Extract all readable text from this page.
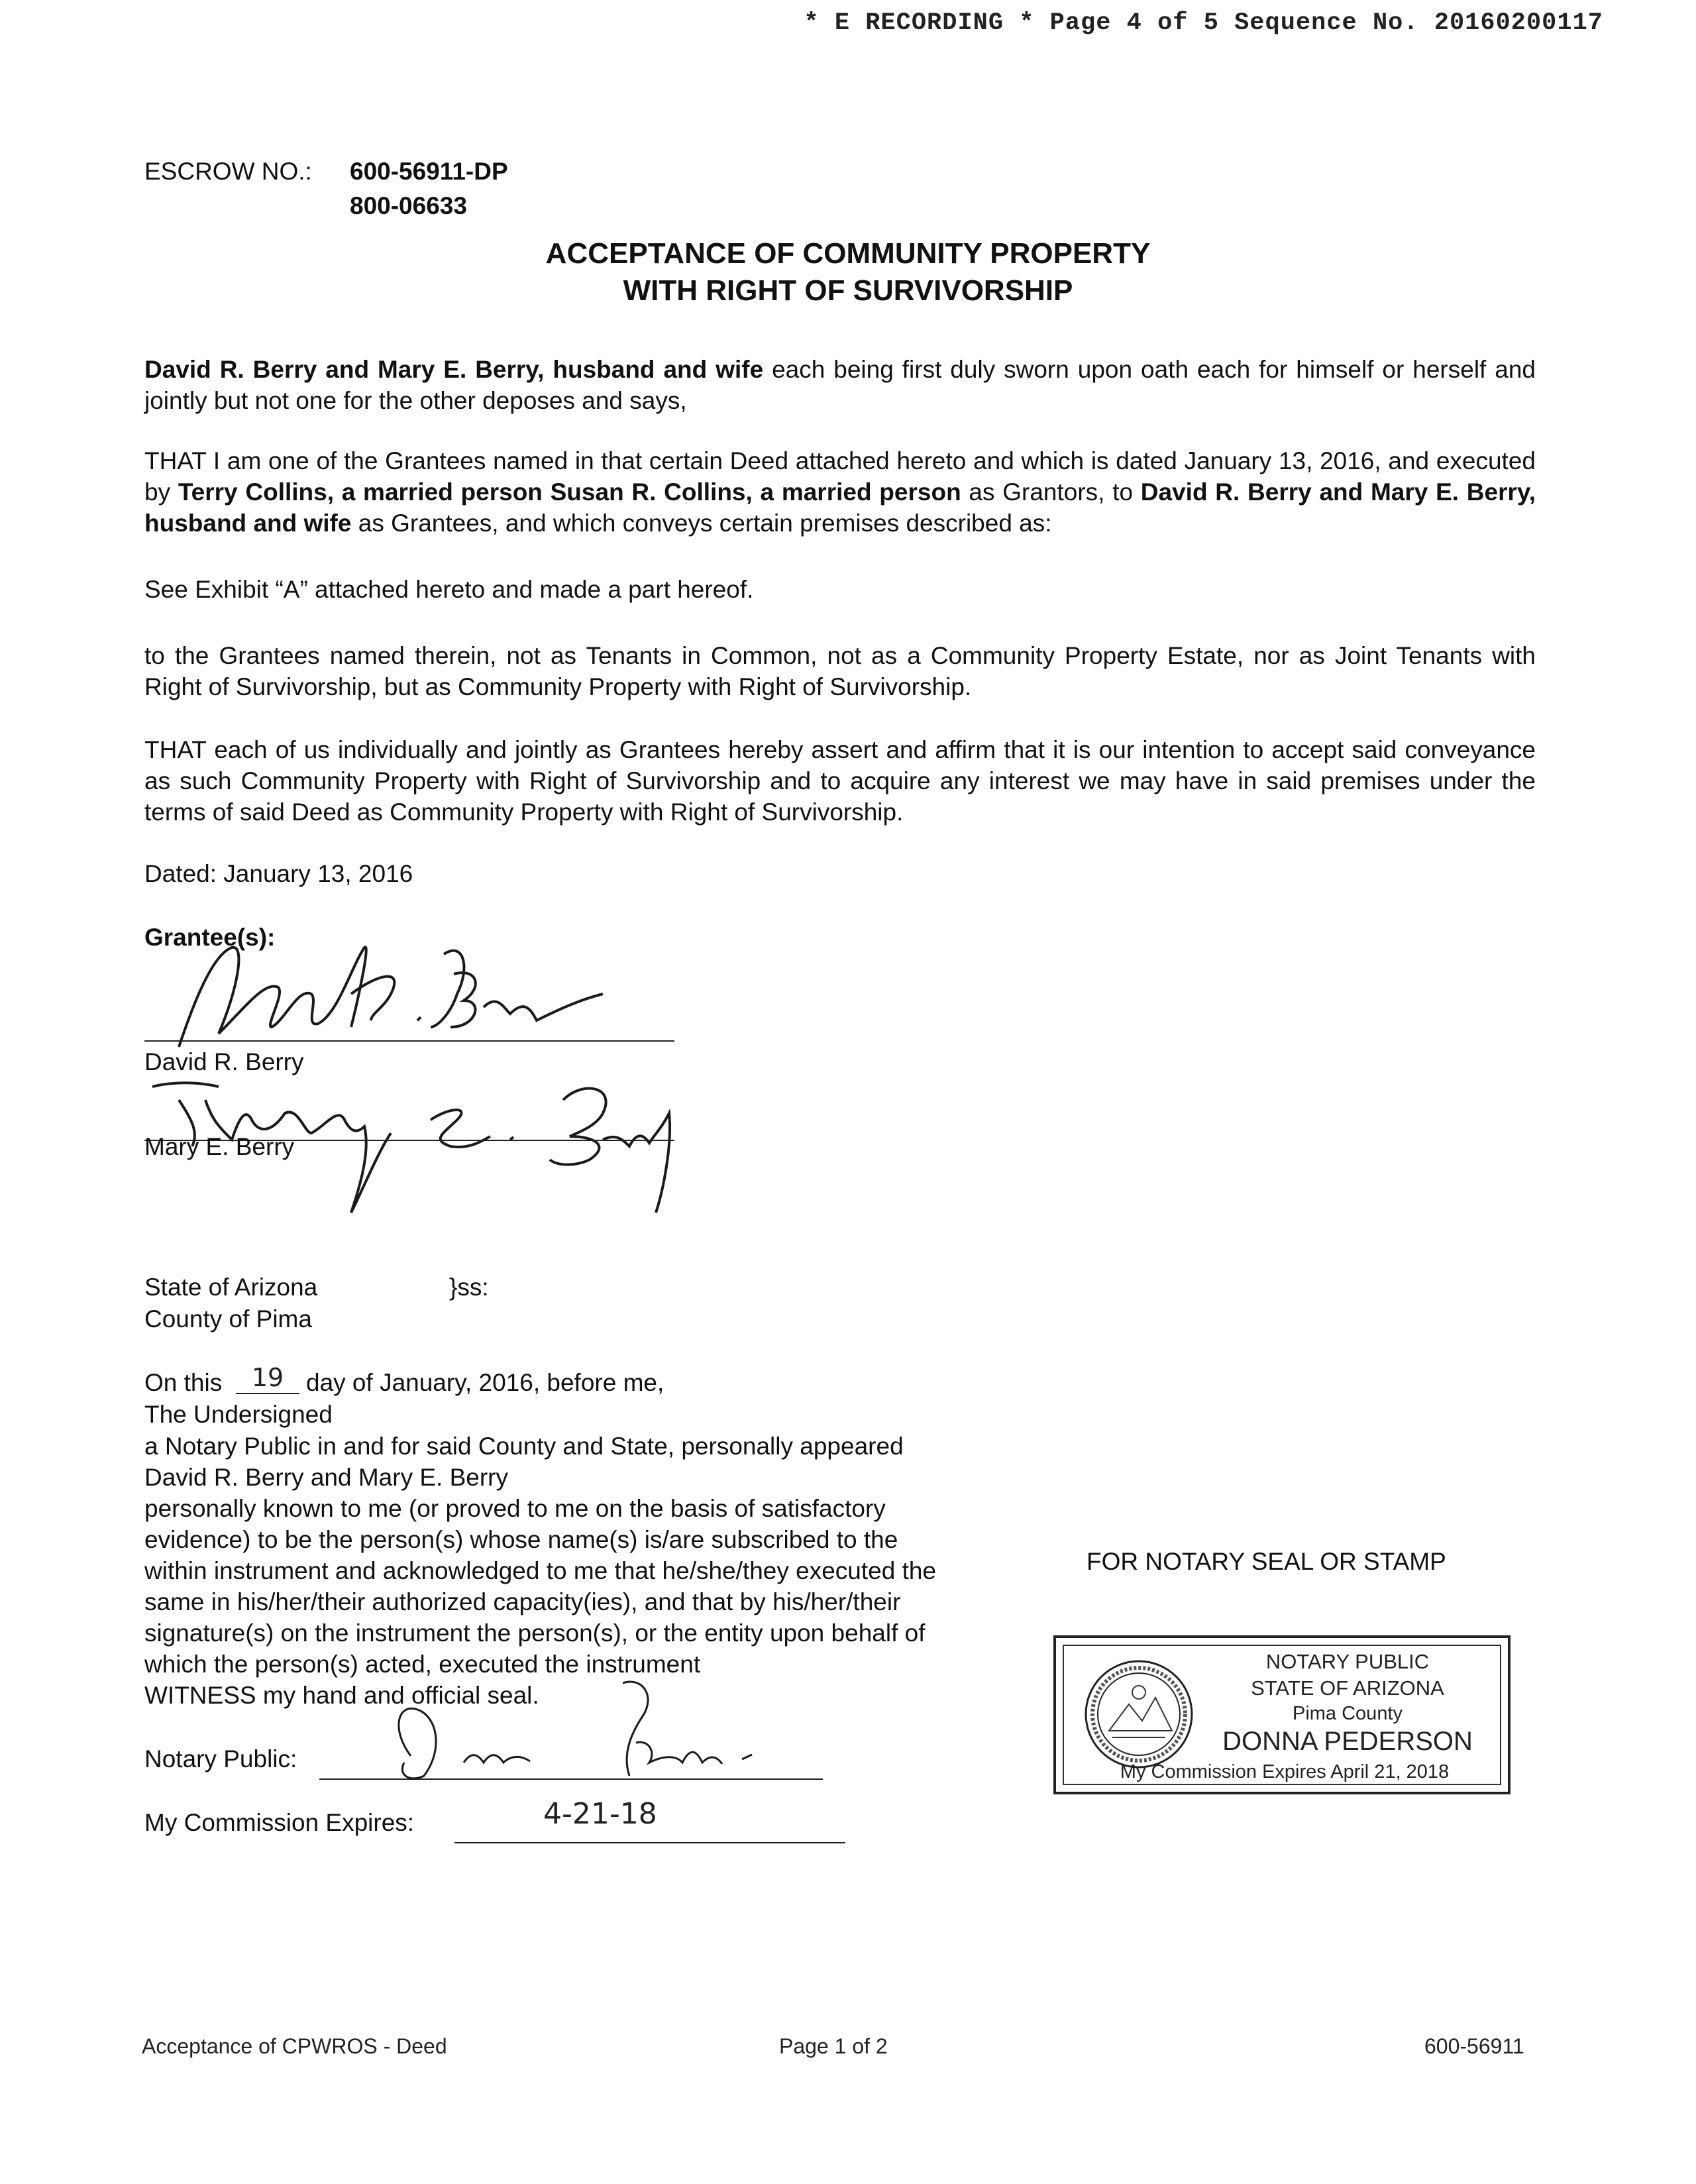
* E RECORDING * Page 4 of 5 Sequence No. 20160200117
ESCROW NO.: 600-56911-DP
800-06633
ACCEPTANCE OF COMMUNITY PROPERTY
WITH RIGHT OF SURVIVORSHIP
David R. Berry and Mary E. Berry, husband and wife each being first duly sworn upon oath each for himself or herself and jointly but not one for the other deposes and says,
THAT I am one of the Grantees named in that certain Deed attached hereto and which is dated January 13, 2016, and executed by Terry Collins, a married person Susan R. Collins, a married person as Grantors, to David R. Berry and Mary E. Berry, husband and wife as Grantees, and which conveys certain premises described as:
See Exhibit “A” attached hereto and made a part hereof.
to the Grantees named therein, not as Tenants in Common, not as a Community Property Estate, nor as Joint Tenants with Right of Survivorship, but as Community Property with Right of Survivorship.
THAT each of us individually and jointly as Grantees hereby assert and affirm that it is our intention to accept said conveyance as such Community Property with Right of Survivorship and to acquire any interest we may have in said premises under the terms of said Deed as Community Property with Right of Survivorship.
Dated: January 13, 2016
Grantee(s):
David R. Berry
Mary E. Berry
State of Arizona	}ss:
County of Pima
On this	19 day of January, 2016, before me,
The Undersigned
a Notary Public in and for said County and State, personally appeared
David R. Berry and Mary E. Berry
personally known to me (or proved to me on the basis of satisfactory
evidence) to be the person(s) whose name(s) is/are subscribed to the
within instrument and acknowledged to me that he/she/they executed the
same in his/her/their authorized capacity(ies), and that by his/her/their
signature(s) on the instrument the person(s), or the entity upon behalf of
which the person(s) acted, executed the instrument
WITNESS my hand and official seal.
Notary Public:
My Commission Expires:	4-21-18
FOR NOTARY SEAL OR STAMP
NOTARY PUBLIC
STATE OF ARIZONA
Pima County
DONNA PEDERSON
My Commission Expires April 21, 2018
Acceptance of CPWROS - Deed	Page 1 of 2	600-56911
